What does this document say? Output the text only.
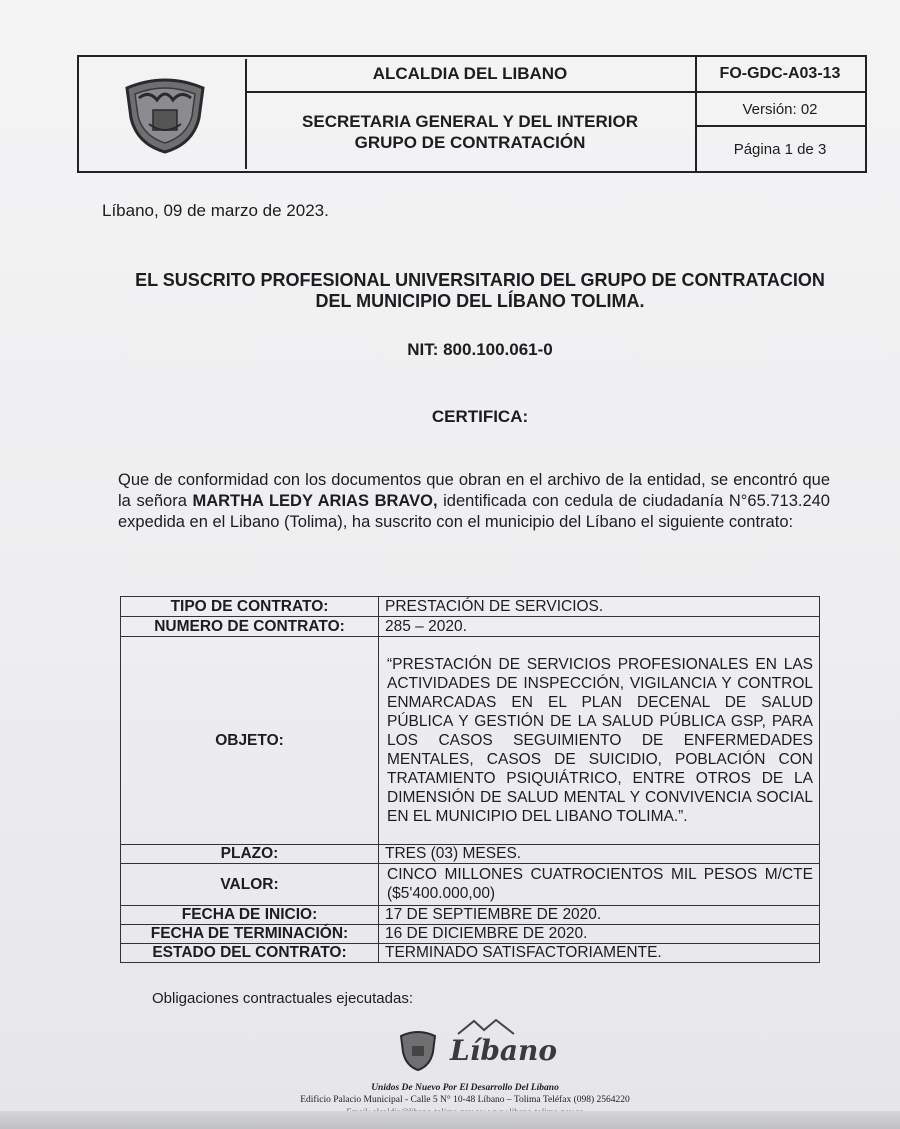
ALCALDIA DEL LIBANO
SECRETARIA GENERAL Y DEL INTERIOR
GRUPO DE CONTRATACIÓN
FO-GDC-A03-13
Versión: 02
Página 1 de 3
Líbano, 09 de marzo de 2023.
EL SUSCRITO PROFESIONAL UNIVERSITARIO DEL GRUPO DE CONTRATACION
DEL MUNICIPIO DEL LÍBANO TOLIMA.
NIT: 800.100.061-0
CERTIFICA:
Que de conformidad con los documentos que obran en el archivo de la entidad, se encontró que la señora MARTHA LEDY ARIAS BRAVO, identificada con cedula de ciudadanía N°65.713.240 expedida en el Libano (Tolima), ha suscrito con el municipio del Líbano el siguiente contrato:
TIPO DE CONTRATO:	PRESTACIÓN DE SERVICIOS.
NUMERO DE CONTRATO:	285 – 2020.
OBJETO:	“PRESTACIÓN DE SERVICIOS PROFESIONALES EN LAS ACTIVIDADES DE INSPECCIÓN, VIGILANCIA Y CONTROL ENMARCADAS EN EL PLAN DECENAL DE SALUD PÚBLICA Y GESTIÓN DE LA SALUD PÚBLICA GSP, PARA LOS CASOS SEGUIMIENTO DE ENFERMEDADES MENTALES, CASOS DE SUICIDIO, POBLACIÓN CON TRATAMIENTO PSIQUIÁTRICO, ENTRE OTROS DE LA DIMENSIÓN DE SALUD MENTAL Y CONVIVENCIA SOCIAL EN EL MUNICIPIO DEL LIBANO TOLIMA.”.
PLAZO:	TRES (03) MESES.
VALOR:	CINCO MILLONES CUATROCIENTOS MIL PESOS M/CTE ($5'400.000,00)
FECHA DE INICIO:	17 DE SEPTIEMBRE DE 2020.
FECHA DE TERMINACIÓN:	16 DE DICIEMBRE DE 2020.
ESTADO DEL CONTRATO:	TERMINADO SATISFACTORIAMENTE.
Obligaciones contractuales ejecutadas:
Líbano
Unidos De Nuevo Por El Desarrollo Del Líbano
Edificio Palacio Municipal - Calle 5 N° 10-48 Líbano – Tolima Teléfax (098) 2564220
